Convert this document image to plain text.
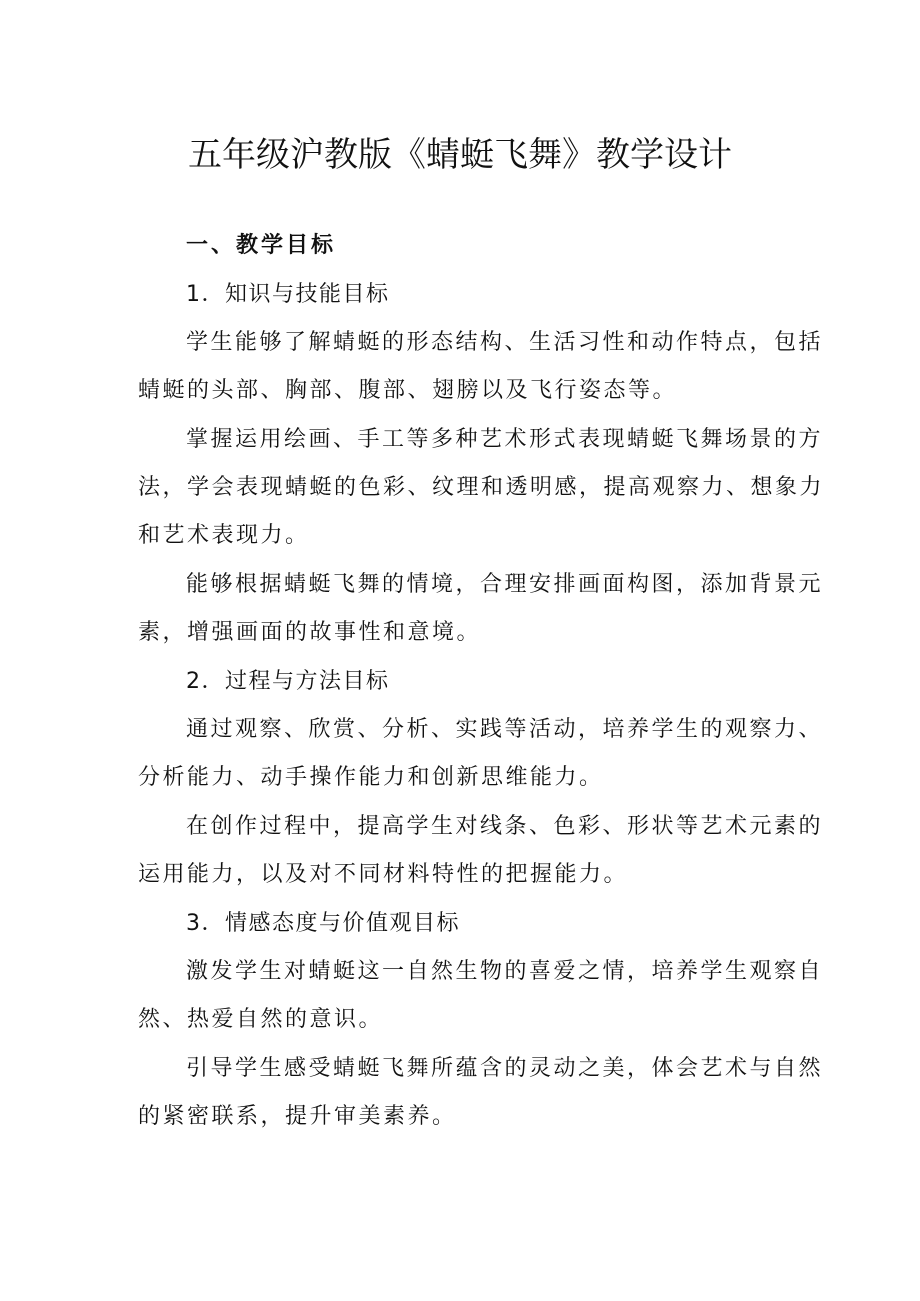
五年级沪教版《蜻蜓飞舞》教学设计

一、教学目标

1．知识与技能目标

学生能够了解蜻蜓的形态结构、生活习性和动作特点，包括

蜻蜓的头部、胸部、腹部、翅膀以及飞行姿态等。

掌握运用绘画、手工等多种艺术形式表现蜻蜓飞舞场景的方

法，学会表现蜻蜓的色彩、纹理和透明感，提高观察力、想象力

和艺术表现力。

能够根据蜻蜓飞舞的情境，合理安排画面构图，添加背景元

素，增强画面的故事性和意境。

2．过程与方法目标

通过观察、欣赏、分析、实践等活动，培养学生的观察力、

分析能力、动手操作能力和创新思维能力。

在创作过程中，提高学生对线条、色彩、形状等艺术元素的

运用能力，以及对不同材料特性的把握能力。

3．情感态度与价值观目标

激发学生对蜻蜓这一自然生物的喜爱之情，培养学生观察自

然、热爱自然的意识。

引导学生感受蜻蜓飞舞所蕴含的灵动之美，体会艺术与自然

的紧密联系，提升审美素养。
